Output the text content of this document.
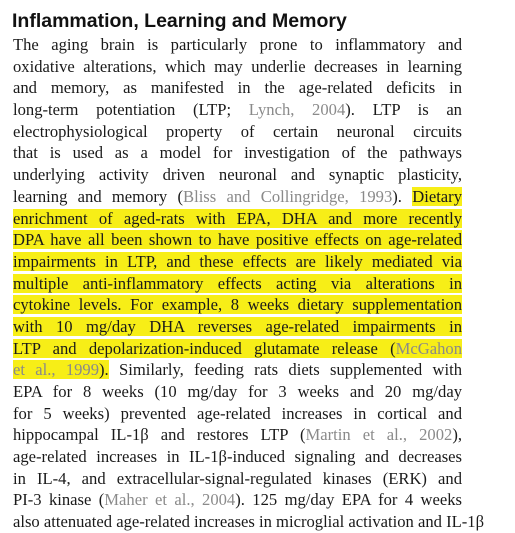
Inflammation, Learning and Memory
The aging brain is particularly prone to inflammatory and
oxidative alterations, which may underlie decreases in learning
and memory, as manifested in the age-related deficits in
long-term potentiation (LTP; Lynch, 2004). LTP is an
electrophysiological property of certain neuronal circuits
that is used as a model for investigation of the pathways
underlying activity driven neuronal and synaptic plasticity,
learning and memory (Bliss and Collingridge, 1993). Dietary
enrichment of aged-rats with EPA, DHA and more recently
DPA have all been shown to have positive effects on age-related
impairments in LTP, and these effects are likely mediated via
multiple anti-inflammatory effects acting via alterations in
cytokine levels. For example, 8 weeks dietary supplementation
with 10 mg/day DHA reverses age-related impairments in
LTP and depolarization-induced glutamate release (McGahon
et al., 1999). Similarly, feeding rats diets supplemented with
EPA for 8 weeks (10 mg/day for 3 weeks and 20 mg/day
for 5 weeks) prevented age-related increases in cortical and
hippocampal IL-1β and restores LTP (Martin et al., 2002),
age-related increases in IL-1β-induced signaling and decreases
in IL-4, and extracellular-signal-regulated kinases (ERK) and
PI-3 kinase (Maher et al., 2004). 125 mg/day EPA for 4 weeks
also attenuated age-related increases in microglial activation and IL-1β
